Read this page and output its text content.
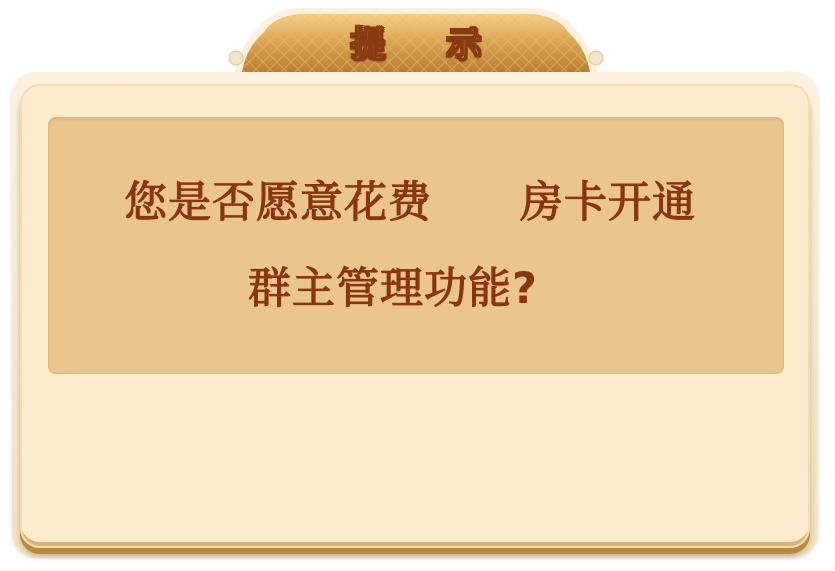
提 示
您是否愿意花费 房卡开通
群主管理功能?
